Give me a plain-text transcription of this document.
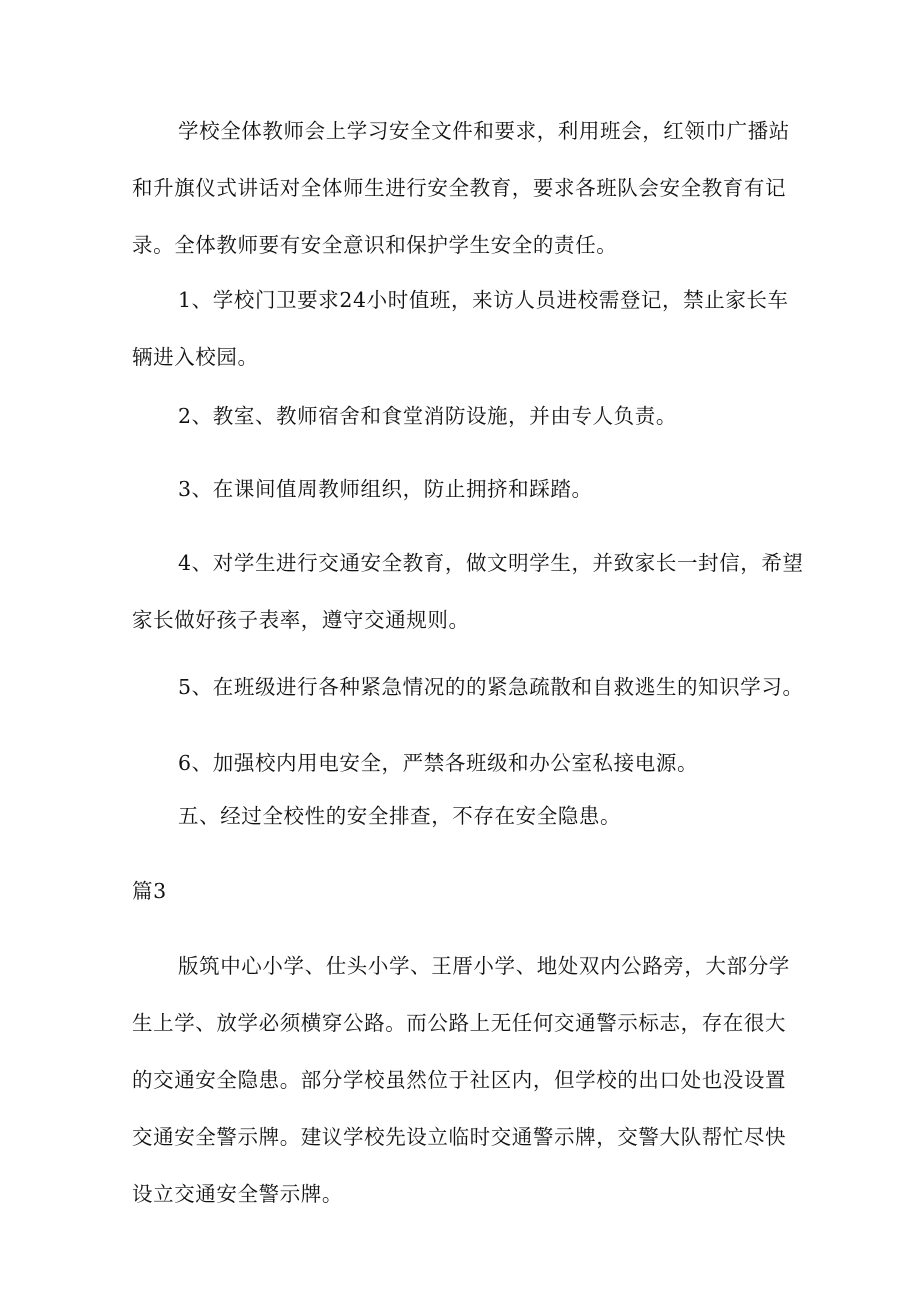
学校全体教师会上学习安全文件和要求，利用班会，红领巾广播站和升旗仪式讲话对全体师生进行安全教育，要求各班队会安全教育有记录。全体教师要有安全意识和保护学生安全的责任。

1、学校门卫要求24小时值班，来访人员进校需登记，禁止家长车辆进入校园。

2、教室、教师宿舍和食堂消防设施，并由专人负责。

3、在课间值周教师组织，防止拥挤和踩踏。

4、对学生进行交通安全教育，做文明学生，并致家长一封信，希望家长做好孩子表率，遵守交通规则。

5、在班级进行各种紧急情况的的紧急疏散和自救逃生的知识学习。

6、加强校内用电安全，严禁各班级和办公室私接电源。

五、经过全校性的安全排查，不存在安全隐患。

篇3

版筑中心小学、仕头小学、王厝小学、地处双内公路旁，大部分学生上学、放学必须横穿公路。而公路上无任何交通警示标志，存在很大的交通安全隐患。部分学校虽然位于社区内，但学校的出口处也没设置交通安全警示牌。建议学校先设立临时交通警示牌，交警大队帮忙尽快设立交通安全警示牌。
